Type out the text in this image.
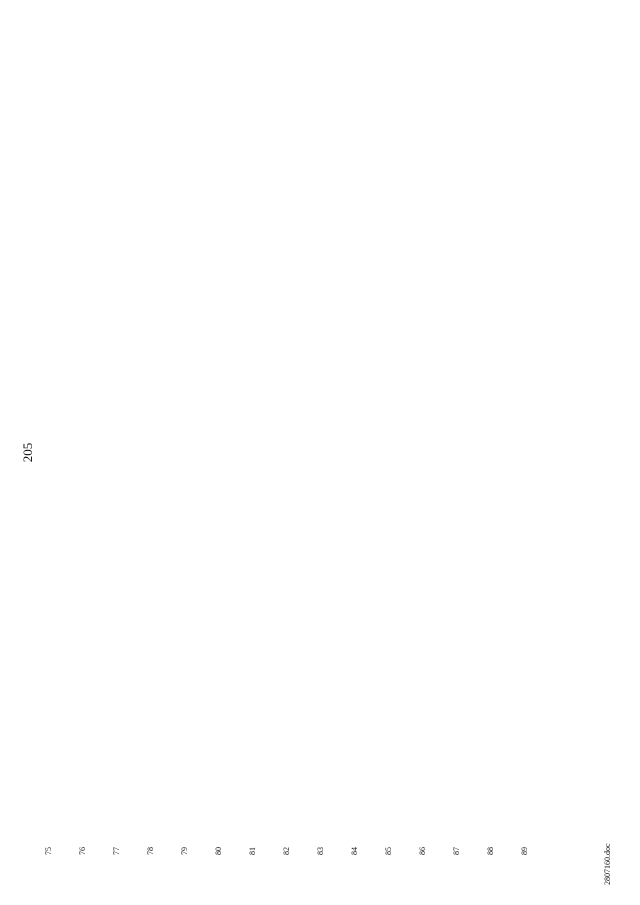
205
75	76	77	78	79	80	81	82	83	84	85	86	87	88	89	2807160.doc
